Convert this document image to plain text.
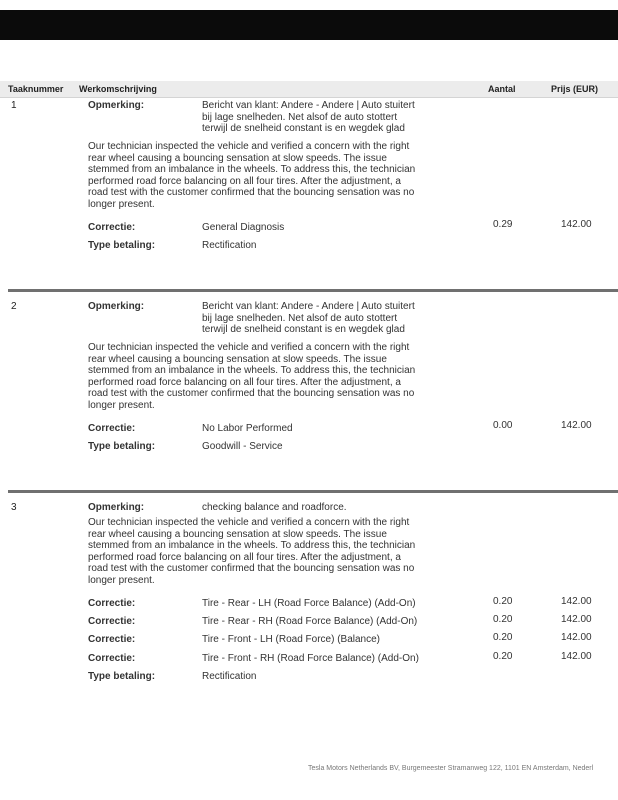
Taaknummer Werkomschrijving	Aantal	Prijs (EUR)
1	Opmerking:	Bericht van klant: Andere - Andere | Auto stuitert
bij lage snelheden. Net alsof de auto stottert
terwijl de snelheid constant is en wegdek glad
Our technician inspected the vehicle and verified a concern with the right
rear wheel causing a bouncing sensation at slow speeds. The issue
stemmed from an imbalance in the wheels. To address this, the technician
performed road force balancing on all four tires. After the adjustment, a
road test with the customer confirmed that the bouncing sensation was no
longer present.
Correctie:	General Diagnosis	0.29	142.00
Type betaling:	Rectification
2	Opmerking:	Bericht van klant: Andere - Andere | Auto stuitert
bij lage snelheden. Net alsof de auto stottert
terwijl de snelheid constant is en wegdek glad
Our technician inspected the vehicle and verified a concern with the right
rear wheel causing a bouncing sensation at slow speeds. The issue
stemmed from an imbalance in the wheels. To address this, the technician
performed road force balancing on all four tires. After the adjustment, a
road test with the customer confirmed that the bouncing sensation was no
longer present.
Correctie:	No Labor Performed	0.00	142.00
Type betaling:	Goodwill - Service
3	Opmerking:	checking balance and roadforce.
Our technician inspected the vehicle and verified a concern with the right
rear wheel causing a bouncing sensation at slow speeds. The issue
stemmed from an imbalance in the wheels. To address this, the technician
performed road force balancing on all four tires. After the adjustment, a
road test with the customer confirmed that the bouncing sensation was no
longer present.
Correctie:	Tire - Rear - LH (Road Force Balance) (Add-On)	0.20	142.00
Correctie:	Tire - Rear - RH (Road Force Balance) (Add-On)	0.20	142.00
Correctie:	Tire - Front - LH (Road Force) (Balance)	0.20	142.00
Correctie:	Tire - Front - RH (Road Force Balance) (Add-On)	0.20	142.00
Type betaling:	Rectification
Tesla Motors Netherlands BV, Burgemeester Stramanweg 122, 1101 EN Amsterdam, Nederl
